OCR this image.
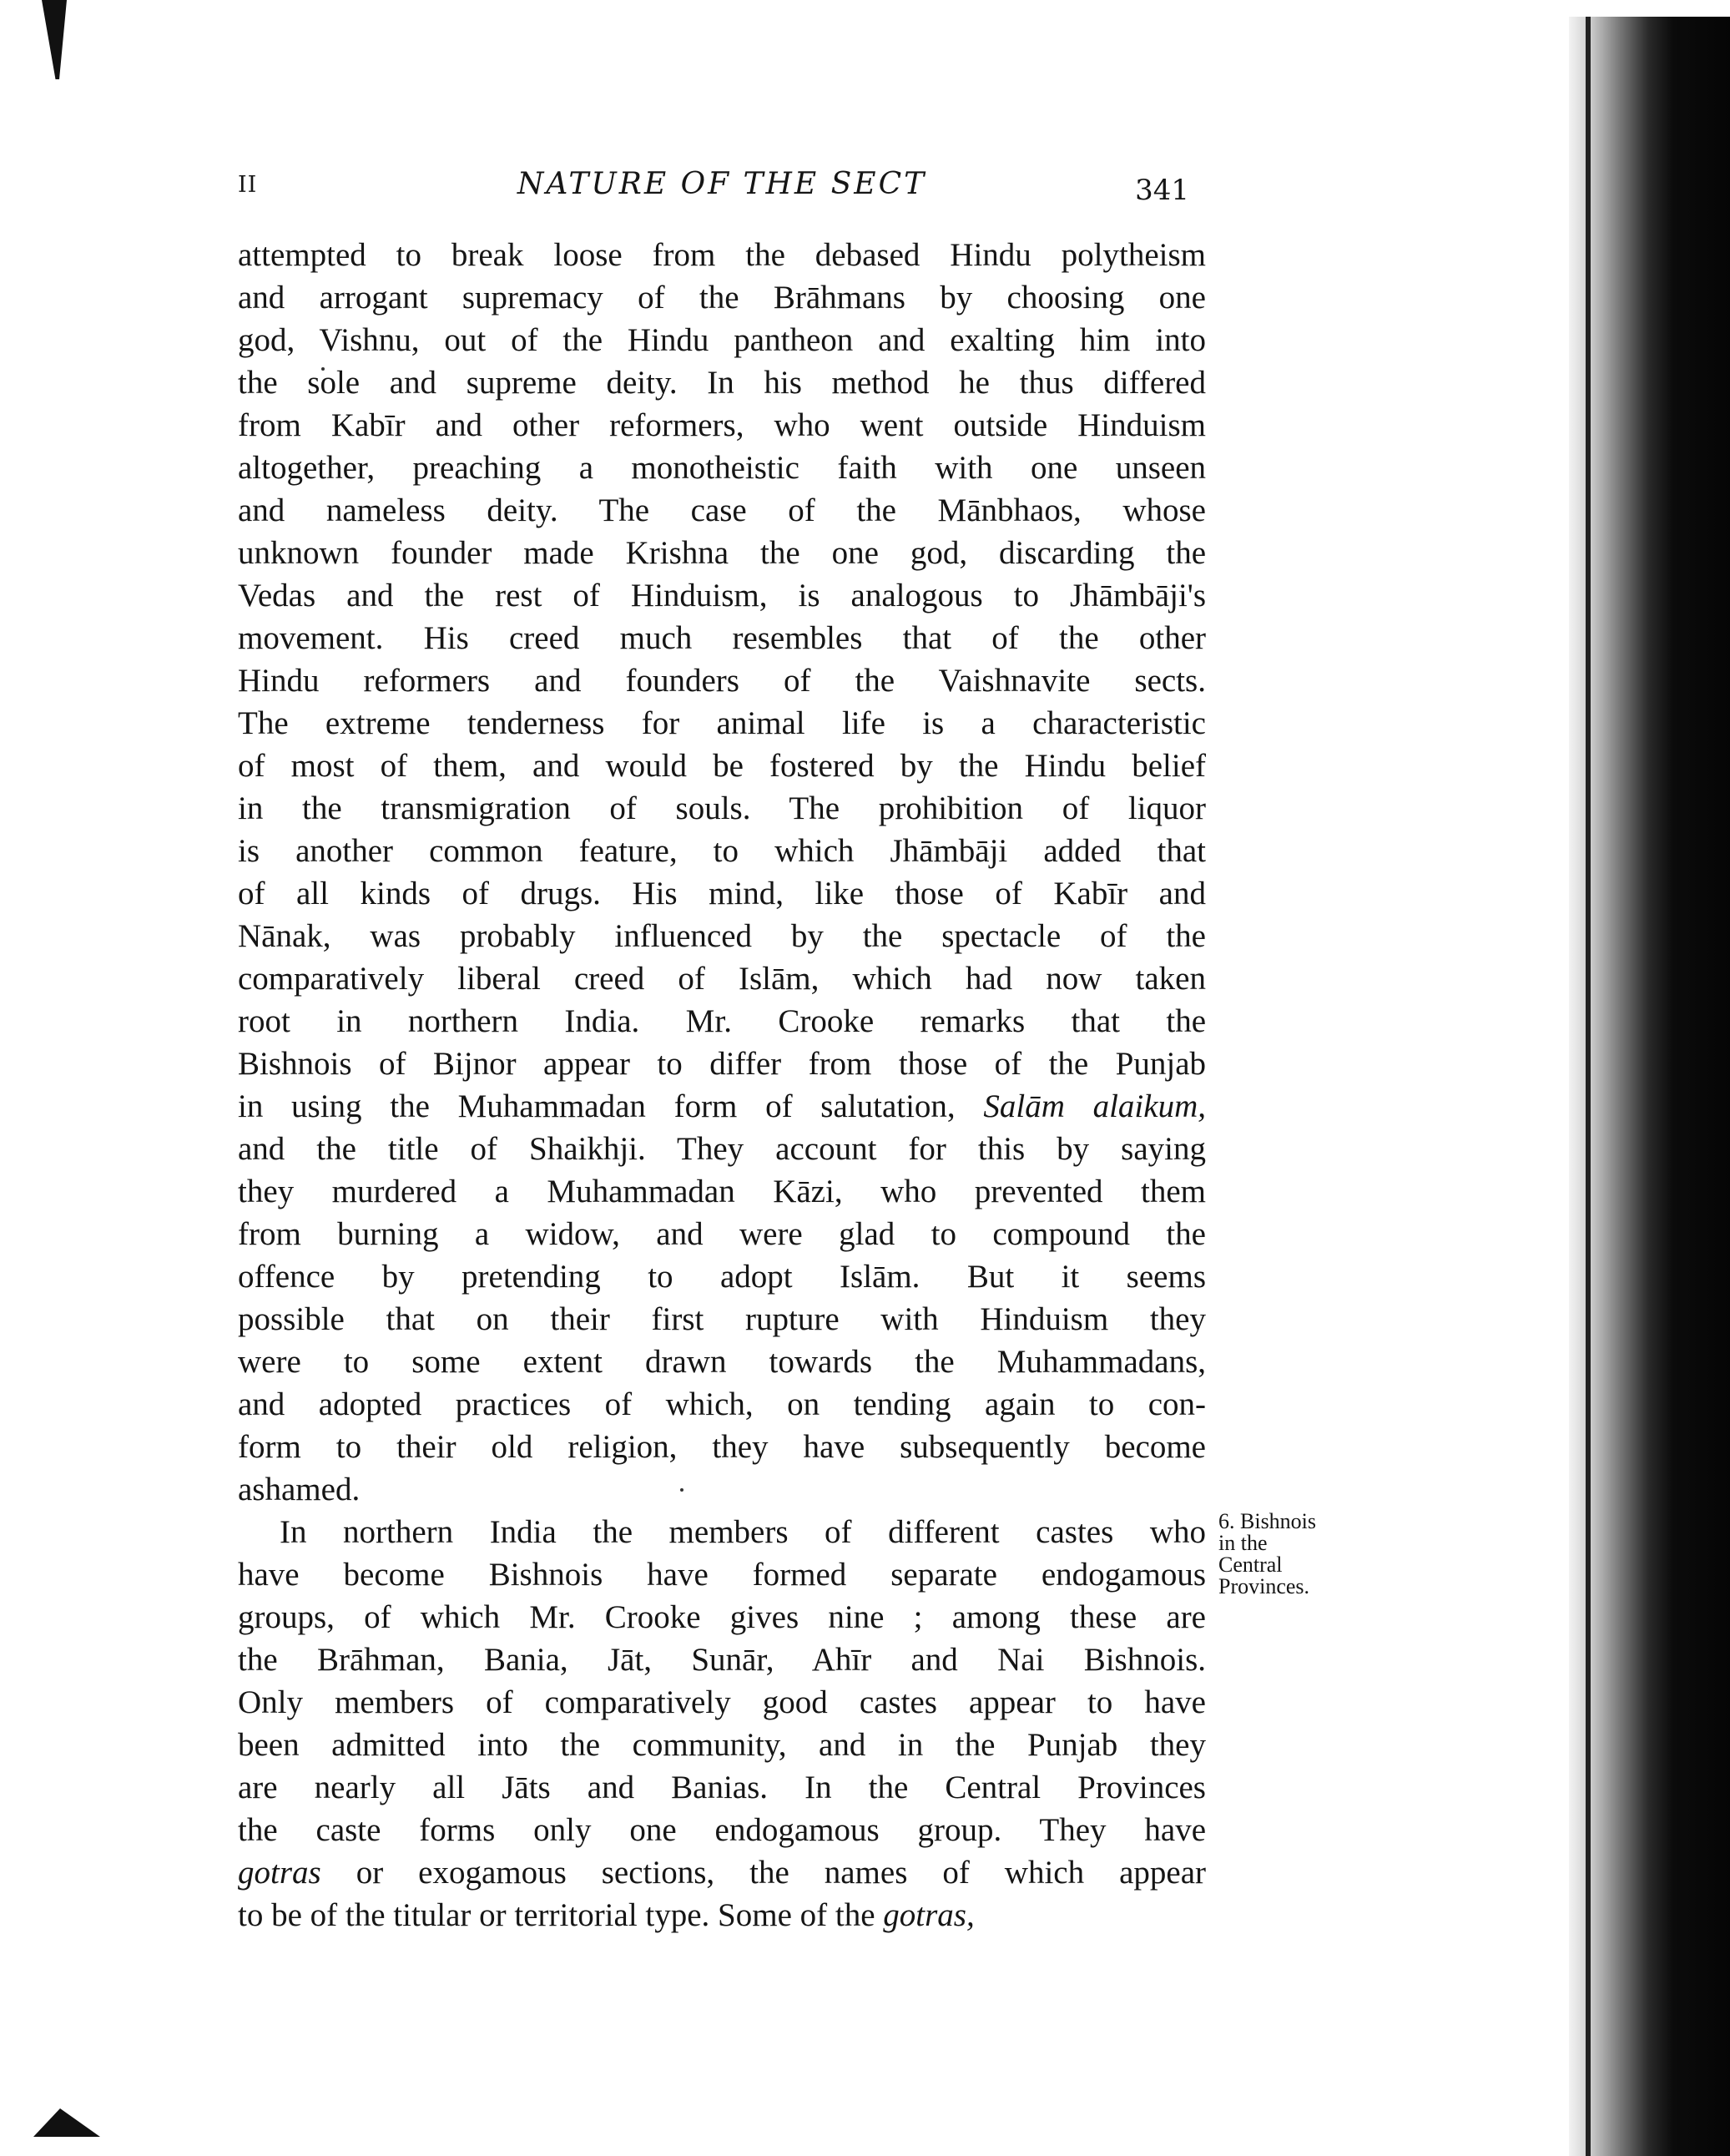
II	NATURE OF THE SECT	341
attempted to break loose from the debased Hindu polytheism
and arrogant supremacy of the Brāhmans by choosing one
god, Vishnu, out of the Hindu pantheon and exalting him into
the sole and supreme deity. In his method he thus differed
from Kabīr and other reformers, who went outside Hinduism
altogether, preaching a monotheistic faith with one unseen
and nameless deity. The case of the Mānbhaos, whose
unknown founder made Krishna the one god, discarding the
Vedas and the rest of Hinduism, is analogous to Jhāmbāji's
movement. His creed much resembles that of the other
Hindu reformers and founders of the Vaishnavite sects.
The extreme tenderness for animal life is a characteristic
of most of them, and would be fostered by the Hindu belief
in the transmigration of souls. The prohibition of liquor
is another common feature, to which Jhāmbāji added that
of all kinds of drugs. His mind, like those of Kabīr and
Nānak, was probably influenced by the spectacle of the
comparatively liberal creed of Islām, which had now taken
root in northern India. Mr. Crooke remarks that the
Bishnois of Bijnor appear to differ from those of the Punjab
in using the Muhammadan form of salutation, Salām alaikum,
and the title of Shaikhji. They account for this by saying
they murdered a Muhammadan Kāzi, who prevented them
from burning a widow, and were glad to compound the
offence by pretending to adopt Islām. But it seems
possible that on their first rupture with Hinduism they
were to some extent drawn towards the Muhammadans,
and adopted practices of which, on tending again to con-
form to their old religion, they have subsequently become
ashamed.
In northern India the members of different castes who
have become Bishnois have formed separate endogamous
groups, of which Mr. Crooke gives nine ; among these are
the Brāhman, Bania, Jāt, Sunār, Ahīr and Nai Bishnois.
Only members of comparatively good castes appear to have
been admitted into the community, and in the Punjab they
are nearly all Jāts and Banias. In the Central Provinces
the caste forms only one endogamous group. They have
gotras or exogamous sections, the names of which appear
to be of the titular or territorial type. Some of the gotras,
6. Bishnois
in the
Central
Provinces.
